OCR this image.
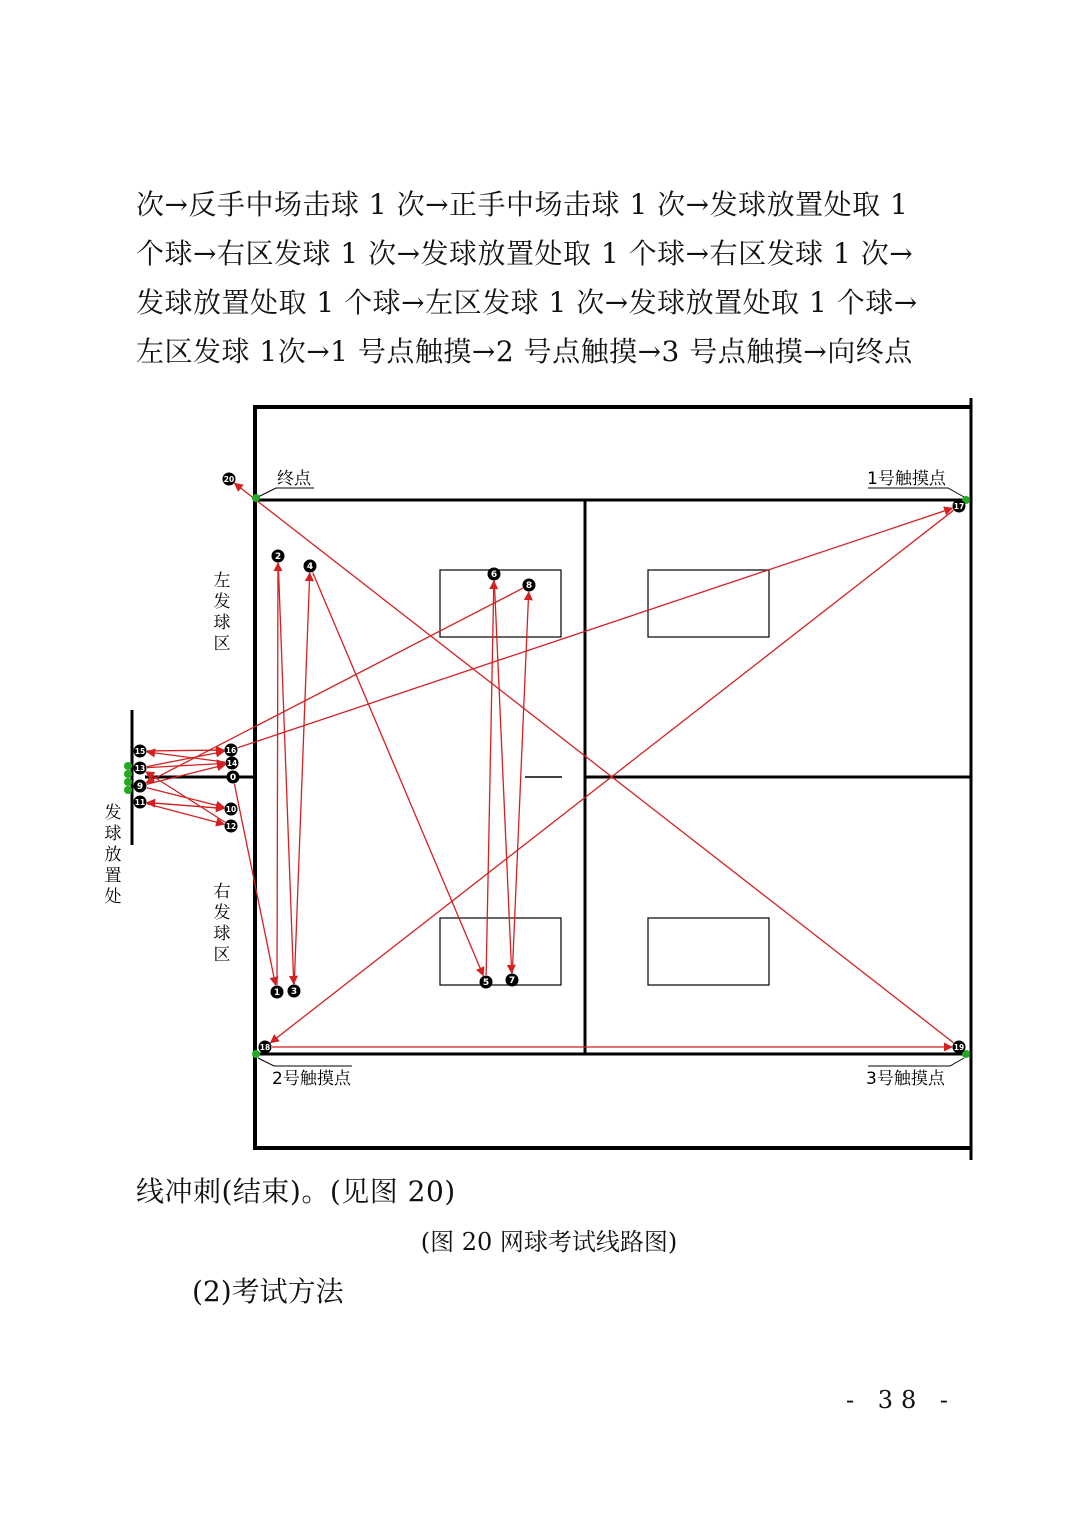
次→反手中场击球 1 次→正手中场击球 1 次→发球放置处取 1
个球→右区发球 1 次→发球放置处取 1 个球→右区发球 1 次→
发球放置处取 1 个球→左区发球 1 次→发球放置处取 1 个球→
左区发球 1次→1 号点触摸→2 号点触摸→3 号点触摸→向终点
0
1
2
3
4
5
6
7
8
9
10
11
12
13
14
15	16
17
18	19
20	终点	1号触摸点
2号触摸点	3号触摸点
左发球区
右发球区
发球放置处
线冲刺(结束)。(见图 20)
(图 20 网球考试线路图)
(2)考试方法
- 38 -
